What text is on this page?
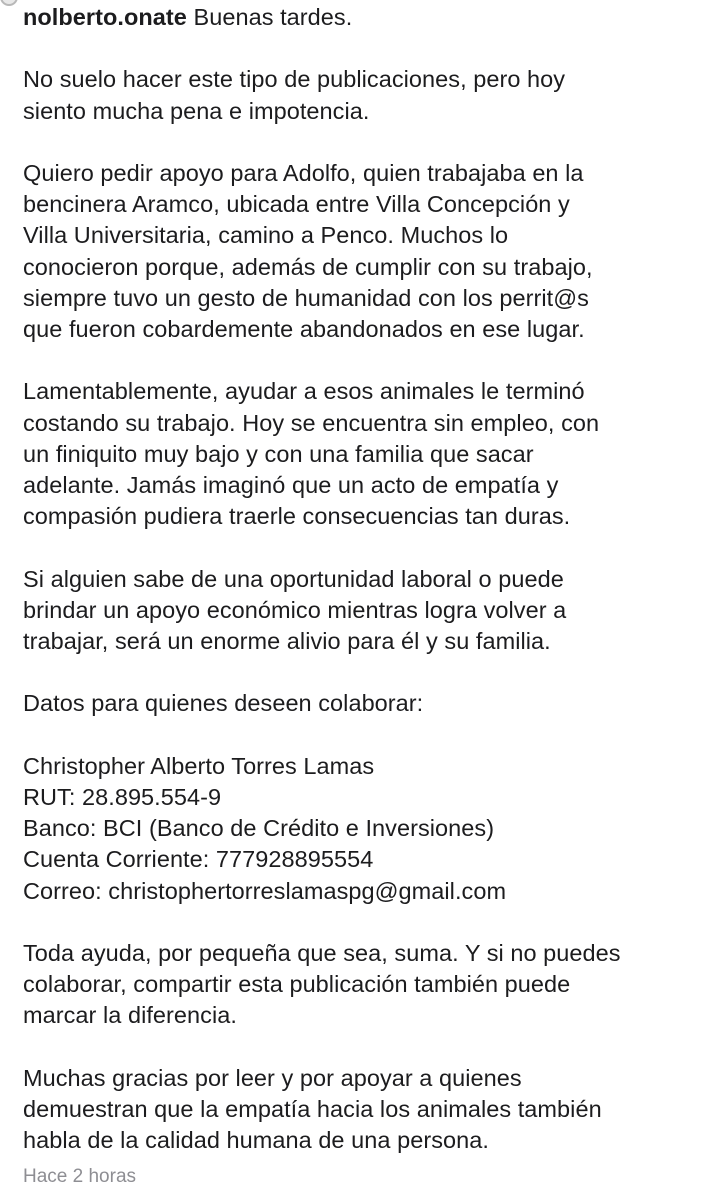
nolberto.onate Buenas tardes.

No suelo hacer este tipo de publicaciones, pero hoy
siento mucha pena e impotencia.

Quiero pedir apoyo para Adolfo, quien trabajaba en la
bencinera Aramco, ubicada entre Villa Concepción y
Villa Universitaria, camino a Penco. Muchos lo
conocieron porque, además de cumplir con su trabajo,
siempre tuvo un gesto de humanidad con los perrit@s
que fueron cobardemente abandonados en ese lugar.

Lamentablemente, ayudar a esos animales le terminó
costando su trabajo. Hoy se encuentra sin empleo, con
un finiquito muy bajo y con una familia que sacar
adelante. Jamás imaginó que un acto de empatía y
compasión pudiera traerle consecuencias tan duras.

Si alguien sabe de una oportunidad laboral o puede
brindar un apoyo económico mientras logra volver a
trabajar, será un enorme alivio para él y su familia.

Datos para quienes deseen colaborar:

Christopher Alberto Torres Lamas
RUT: 28.895.554-9
Banco: BCI (Banco de Crédito e Inversiones)
Cuenta Corriente: 777928895554
Correo: christophertorreslamaspg@gmail.com

Toda ayuda, por pequeña que sea, suma. Y si no puedes
colaborar, compartir esta publicación también puede
marcar la diferencia.

Muchas gracias por leer y por apoyar a quienes
demuestran que la empatía hacia los animales también
habla de la calidad humana de una persona.

Hace 2 horas
